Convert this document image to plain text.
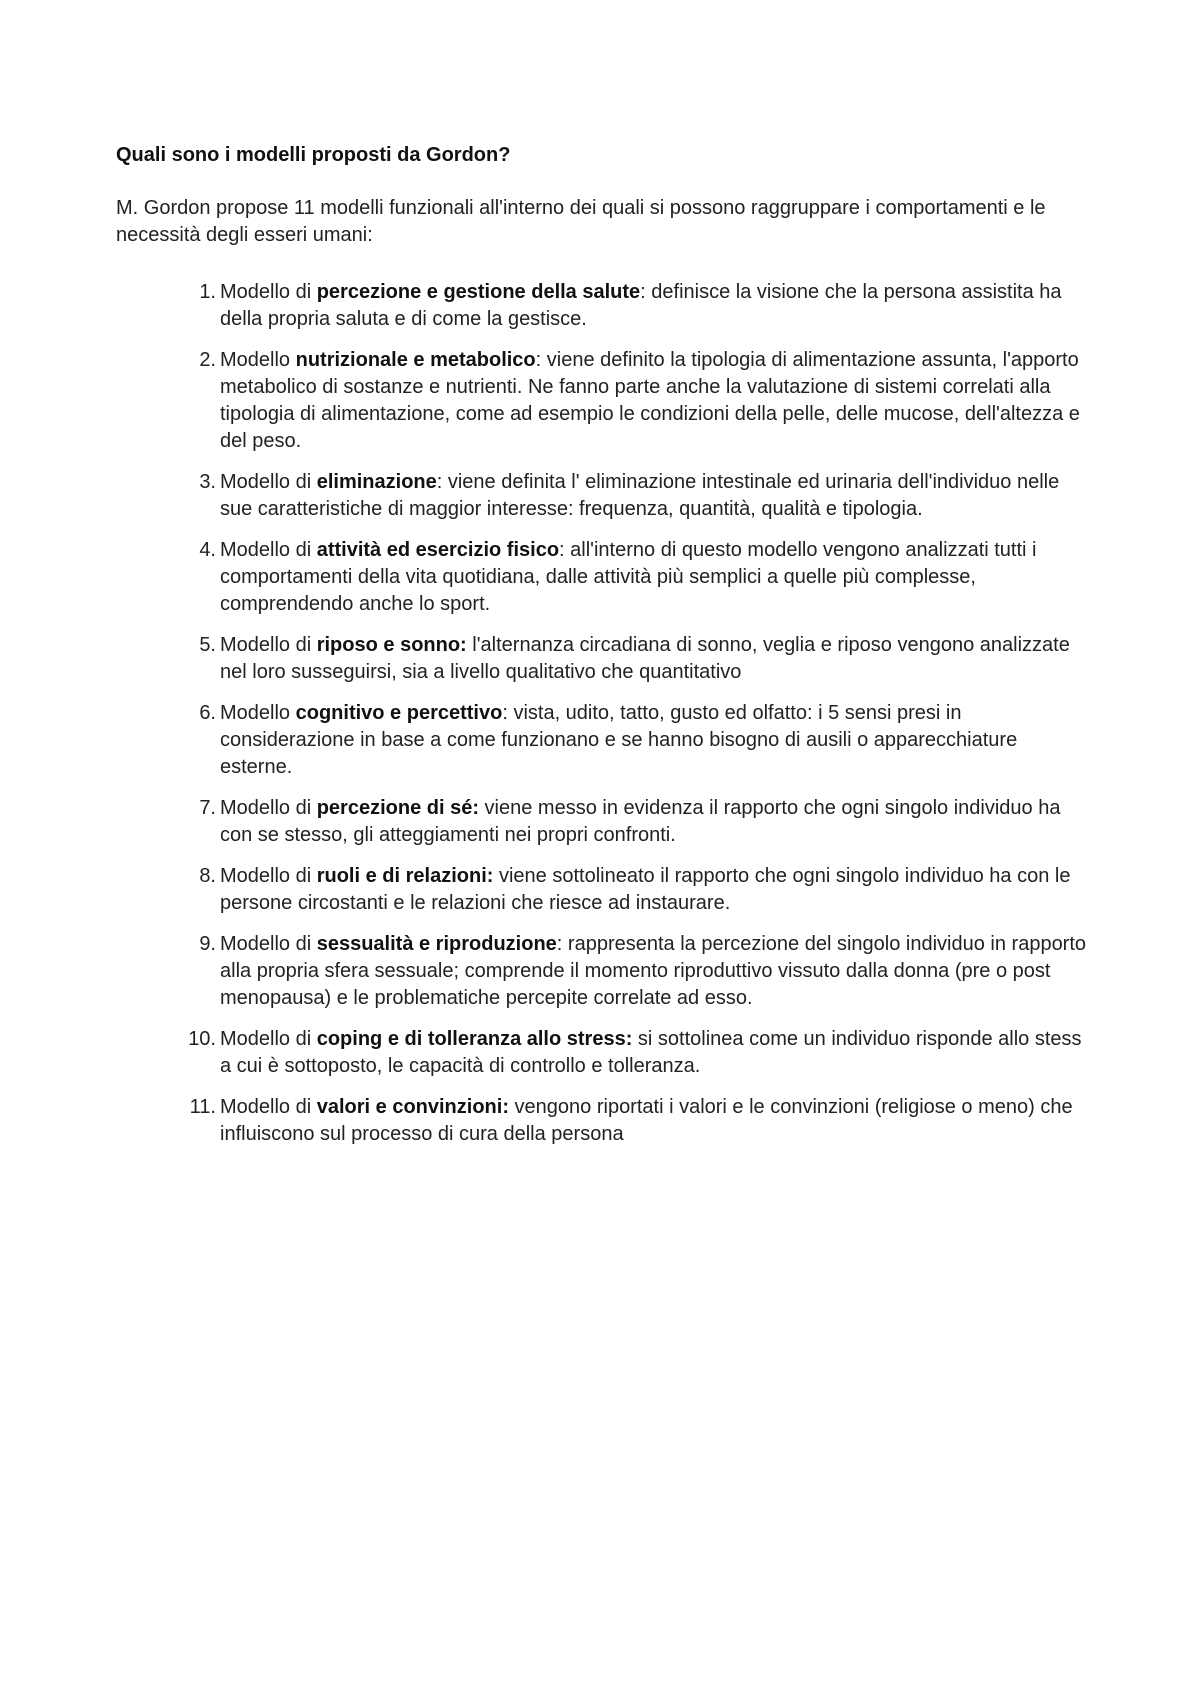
Quali sono i modelli proposti da Gordon?

M. Gordon propose 11 modelli funzionali all'interno dei quali si possono raggruppare i comportamenti e le necessità degli esseri umani:

1. Modello di percezione e gestione della salute: definisce la visione che la persona assistita ha della propria saluta e di come la gestisce.
2. Modello nutrizionale e metabolico: viene definito la tipologia di alimentazione assunta, l'apporto metabolico di sostanze e nutrienti. Ne fanno parte anche la valutazione di sistemi correlati alla tipologia di alimentazione, come ad esempio le condizioni della pelle, delle mucose, dell'altezza e del peso.
3. Modello di eliminazione: viene definita l' eliminazione intestinale ed urinaria dell'individuo nelle sue caratteristiche di maggior interesse: frequenza, quantità, qualità e tipologia.
4. Modello di attività ed esercizio fisico: all'interno di questo modello vengono analizzati tutti i comportamenti della vita quotidiana, dalle attività più semplici a quelle più complesse, comprendendo anche lo sport.
5. Modello di riposo e sonno: l'alternanza circadiana di sonno, veglia e riposo vengono analizzate nel loro susseguirsi, sia a livello qualitativo che quantitativo
6. Modello cognitivo e percettivo: vista, udito, tatto, gusto ed olfatto: i 5 sensi presi in considerazione in base a come funzionano e se hanno bisogno di ausili o apparecchiature esterne.
7. Modello di percezione di sé: viene messo in evidenza il rapporto che ogni singolo individuo ha con se stesso, gli atteggiamenti nei propri confronti.
8. Modello di ruoli e di relazioni: viene sottolineato il rapporto che ogni singolo individuo ha con le persone circostanti e le relazioni che riesce ad instaurare.
9. Modello di sessualità e riproduzione: rappresenta la percezione del singolo individuo in rapporto alla propria sfera sessuale; comprende il momento riproduttivo vissuto dalla donna (pre o post menopausa) e le problematiche percepite correlate ad esso.
10. Modello di coping e di tolleranza allo stress: si sottolinea come un individuo risponde allo stess a cui è sottoposto, le capacità di controllo e tolleranza.
11. Modello di valori e convinzioni: vengono riportati i valori e le convinzioni (religiose o meno) che influiscono sul processo di cura della persona
